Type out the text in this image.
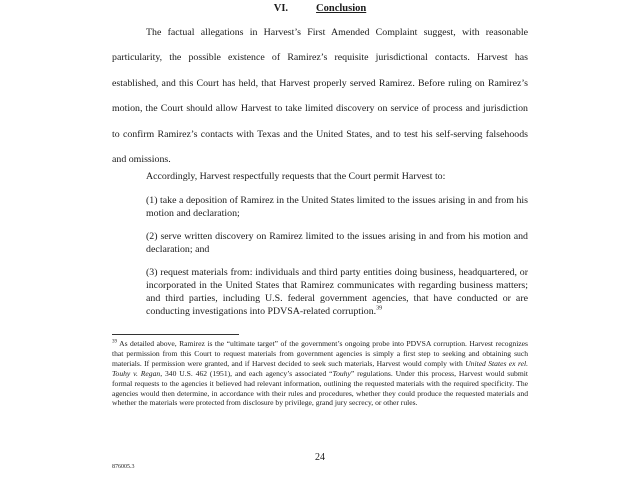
VI.	Conclusion

The factual allegations in Harvest’s First Amended Complaint suggest, with reasonable particularity, the possible existence of Ramirez’s requisite jurisdictional contacts. Harvest has established, and this Court has held, that Harvest properly served Ramirez. Before ruling on Ramirez’s motion, the Court should allow Harvest to take limited discovery on service of process and jurisdiction to confirm Ramirez’s contacts with Texas and the United States, and to test his self-serving falsehoods and omissions.

Accordingly, Harvest respectfully requests that the Court permit Harvest to:

(1) take a deposition of Ramirez in the United States limited to the issues arising in and from his motion and declaration;

(2) serve written discovery on Ramirez limited to the issues arising in and from his motion and declaration; and

(3) request materials from: individuals and third party entities doing business, headquartered, or incorporated in the United States that Ramirez communicates with regarding business matters; and third parties, including U.S. federal government agencies, that have conducted or are conducting investigations into PDVSA-related corruption.$^{39}$

$^{39}$ As detailed above, Ramirez is the “ultimate target” of the government’s ongoing probe into PDVSA corruption. Harvest recognizes that permission from this Court to request materials from government agencies is simply a first step to seeking and obtaining such materials. If permission were granted, and if Harvest decided to seek such materials, Harvest would comply with United States ex rel. Touhy v. Regan, 340 U.S. 462 (1951), and each agency’s associated “Touhy” regulations. Under this process, Harvest would submit formal requests to the agencies it believed had relevant information, outlining the requested materials with the required specificity. The agencies would then determine, in accordance with their rules and procedures, whether they could produce the requested materials and whether the materials were protected from disclosure by privilege, grand jury secrecy, or other rules.

24
876005.3
